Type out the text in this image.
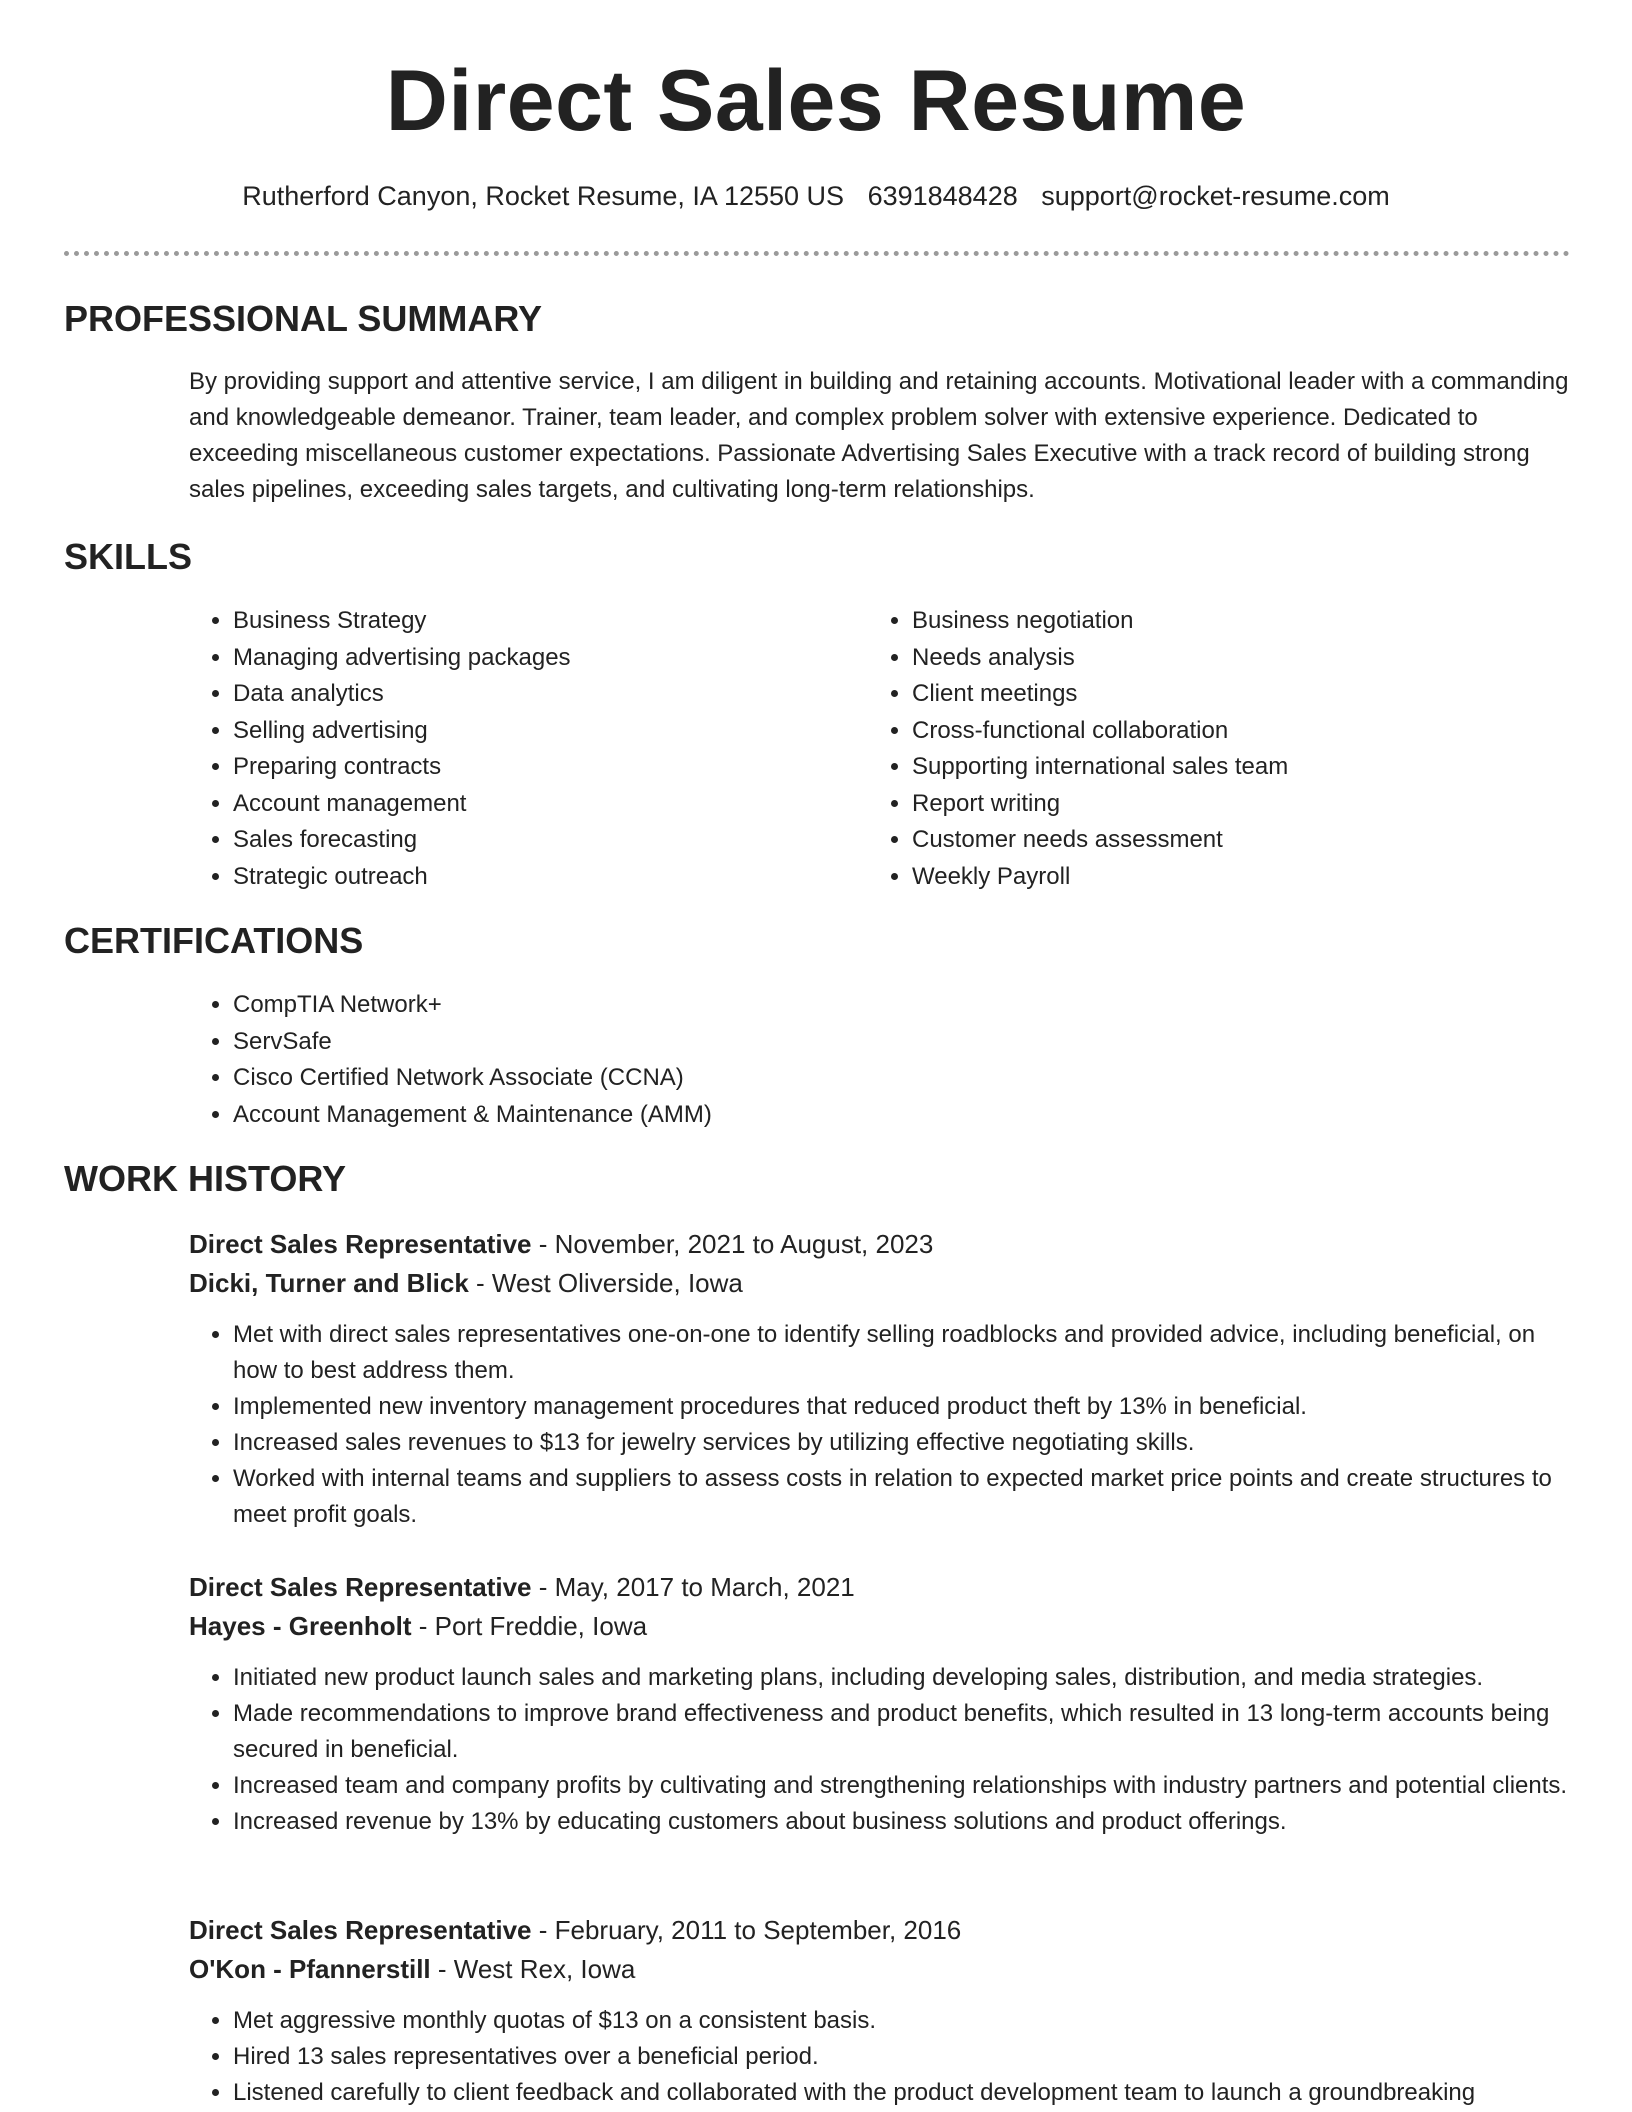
Direct Sales Resume
Rutherford Canyon, Rocket Resume, IA 12550 US 6391848428 support@rocket-resume.com
PROFESSIONAL SUMMARY
By providing support and attentive service, I am diligent in building and retaining accounts. Motivational leader with a commanding and knowledgeable demeanor. Trainer, team leader, and complex problem solver with extensive experience. Dedicated to exceeding miscellaneous customer expectations. Passionate Advertising Sales Executive with a track record of building strong sales pipelines, exceeding sales targets, and cultivating long-term relationships.
SKILLS
• Business Strategy
• Managing advertising packages
• Data analytics
• Selling advertising
• Preparing contracts
• Account management
• Sales forecasting
• Strategic outreach
• Business negotiation
• Needs analysis
• Client meetings
• Cross-functional collaboration
• Supporting international sales team
• Report writing
• Customer needs assessment
• Weekly Payroll
CERTIFICATIONS
• CompTIA Network+
• ServSafe
• Cisco Certified Network Associate (CCNA)
• Account Management & Maintenance (AMM)
WORK HISTORY
Direct Sales Representative - November, 2021 to August, 2023
Dicki, Turner and Blick - West Oliverside, Iowa
• Met with direct sales representatives one-on-one to identify selling roadblocks and provided advice, including beneficial, on how to best address them.
• Implemented new inventory management procedures that reduced product theft by 13% in beneficial.
• Increased sales revenues to $13 for jewelry services by utilizing effective negotiating skills.
• Worked with internal teams and suppliers to assess costs in relation to expected market price points and create structures to meet profit goals.
Direct Sales Representative - May, 2017 to March, 2021
Hayes - Greenholt - Port Freddie, Iowa
• Initiated new product launch sales and marketing plans, including developing sales, distribution, and media strategies.
• Made recommendations to improve brand effectiveness and product benefits, which resulted in 13 long-term accounts being secured in beneficial.
• Increased team and company profits by cultivating and strengthening relationships with industry partners and potential clients.
• Increased revenue by 13% by educating customers about business solutions and product offerings.
Direct Sales Representative - February, 2011 to September, 2016
O'Kon - Pfannerstill - West Rex, Iowa
• Met aggressive monthly quotas of $13 on a consistent basis.
• Hired 13 sales representatives over a beneficial period.
• Listened carefully to client feedback and collaborated with the product development team to launch a groundbreaking
